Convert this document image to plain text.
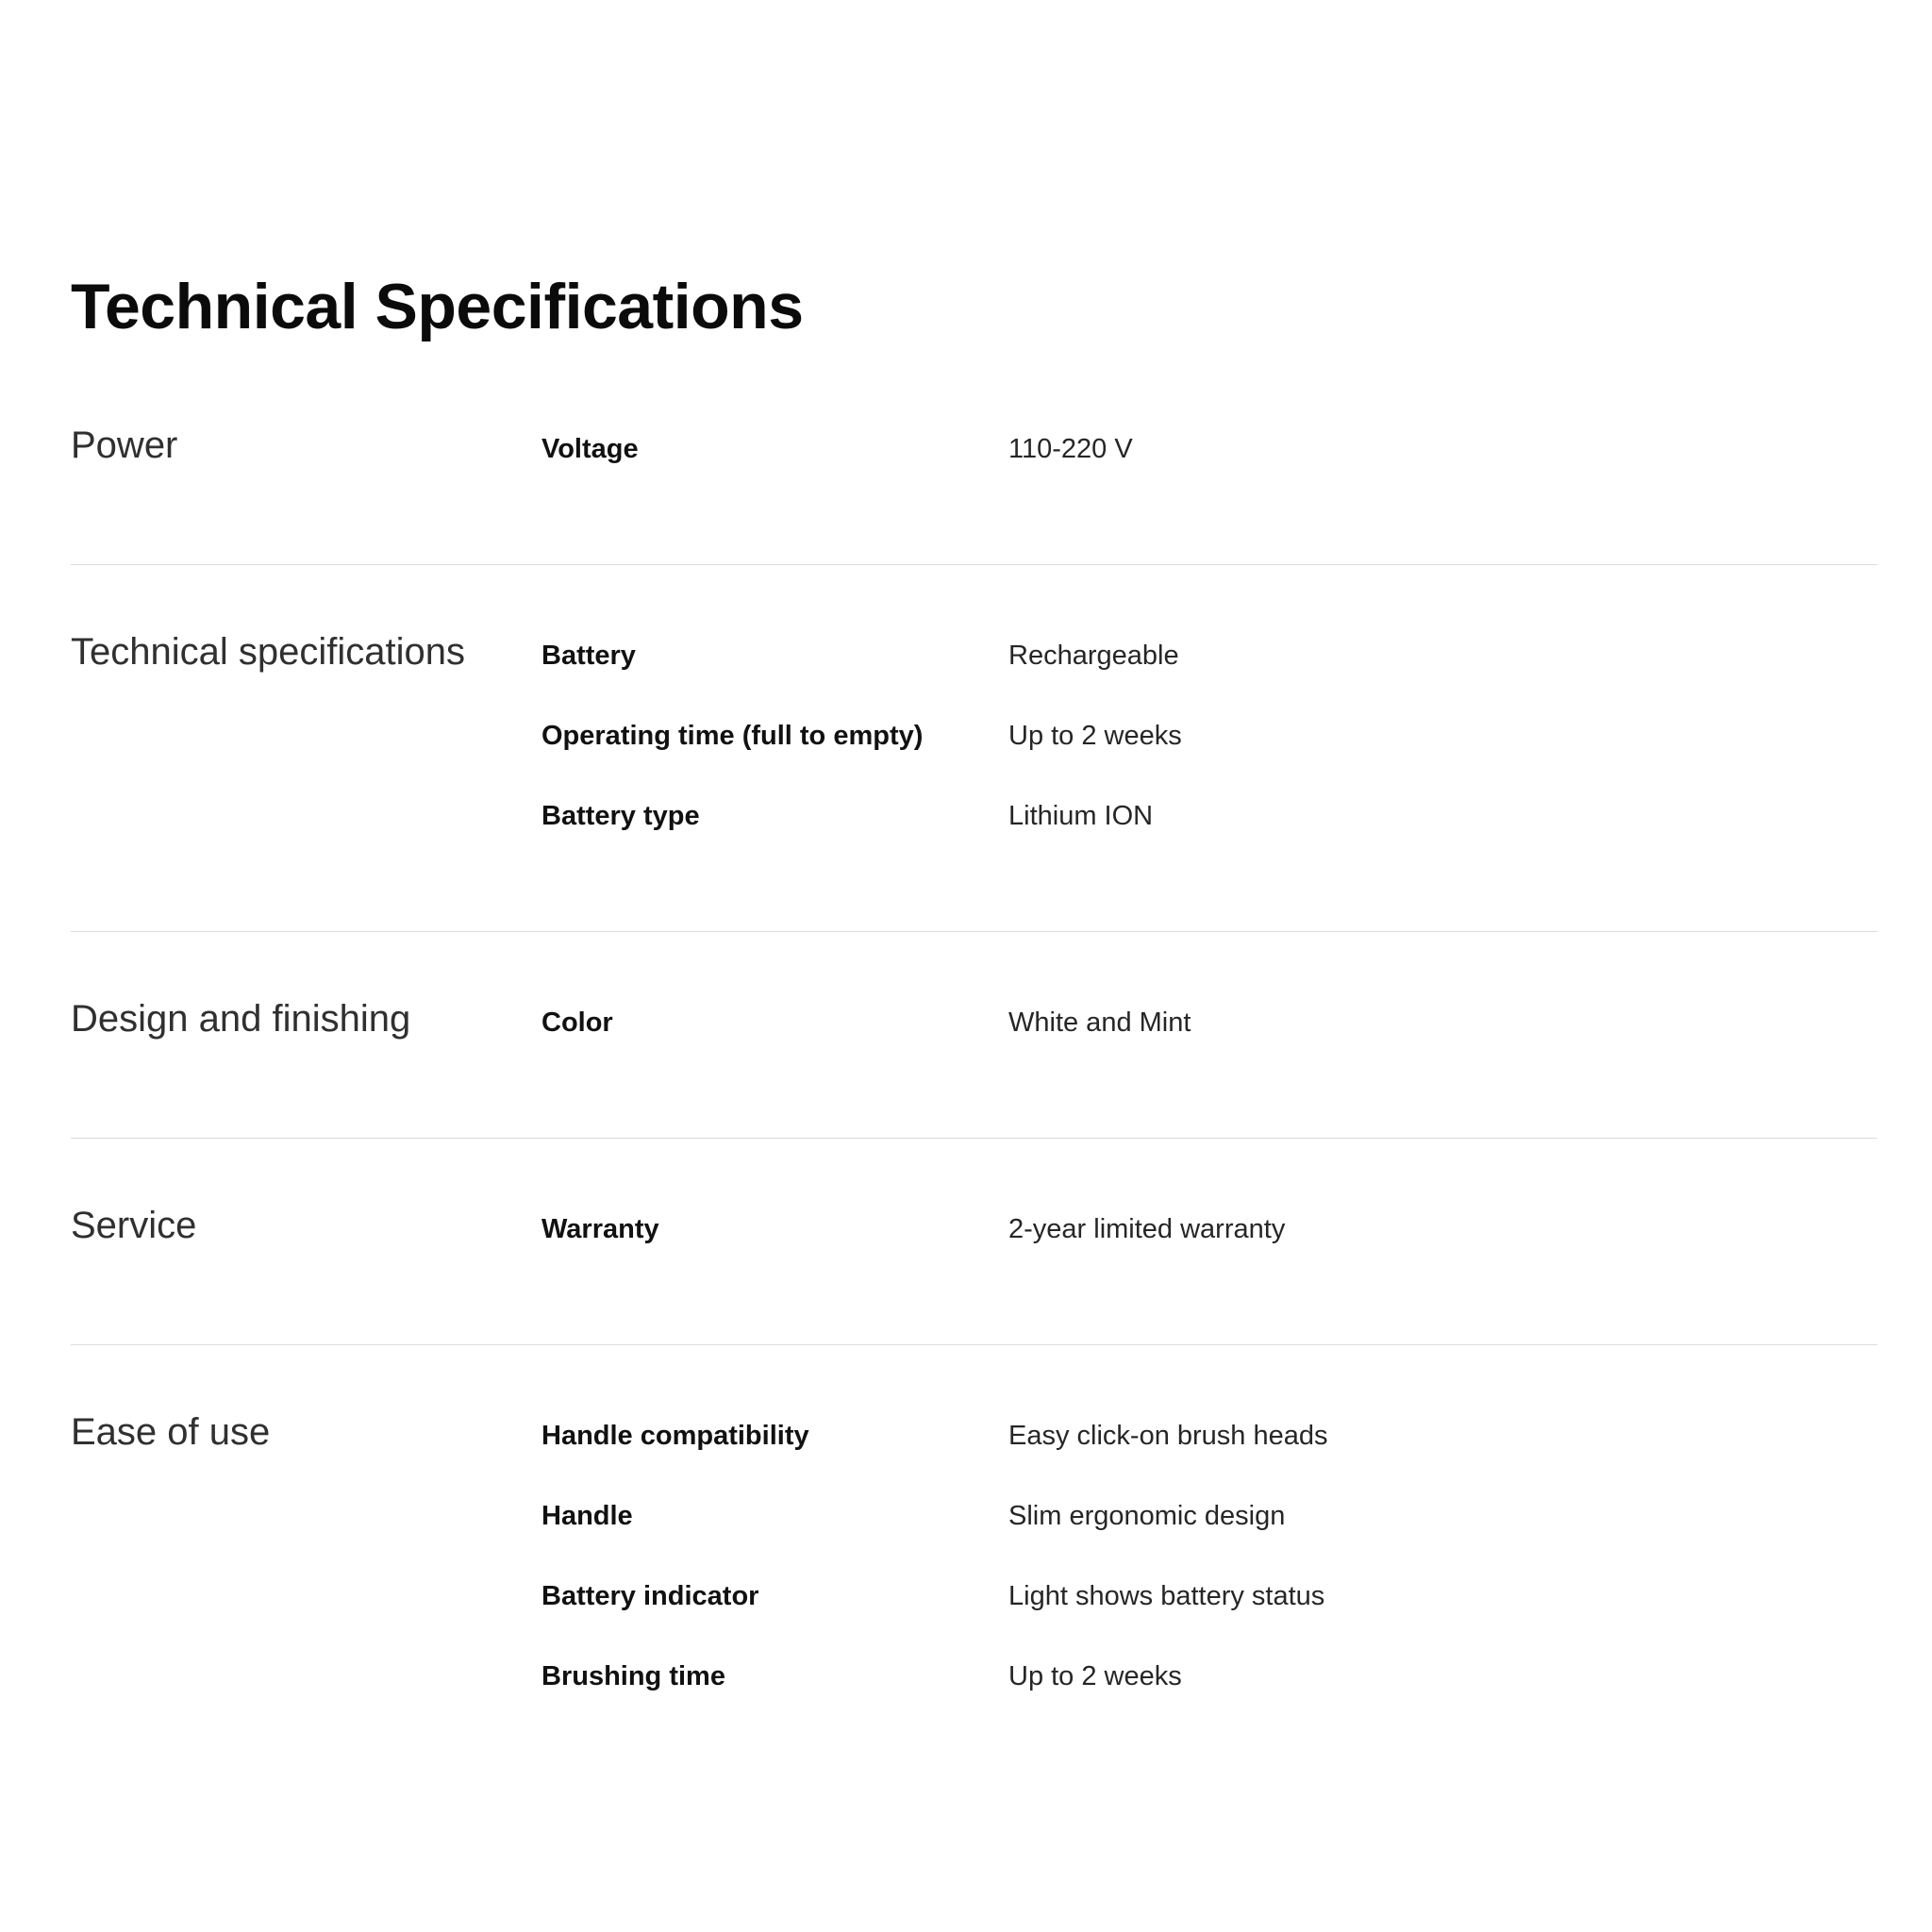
Technical Specifications
Power	Voltage	110-220 V
Technical specifications	Battery	Rechargeable
Operating time (full to empty)	Up to 2 weeks
Battery type	Lithium ION
Design and finishing	Color	White and Mint
Service	Warranty	2-year limited warranty
Ease of use	Handle compatibility	Easy click-on brush heads
Handle	Slim ergonomic design
Battery indicator	Light shows battery status
Brushing time	Up to 2 weeks
